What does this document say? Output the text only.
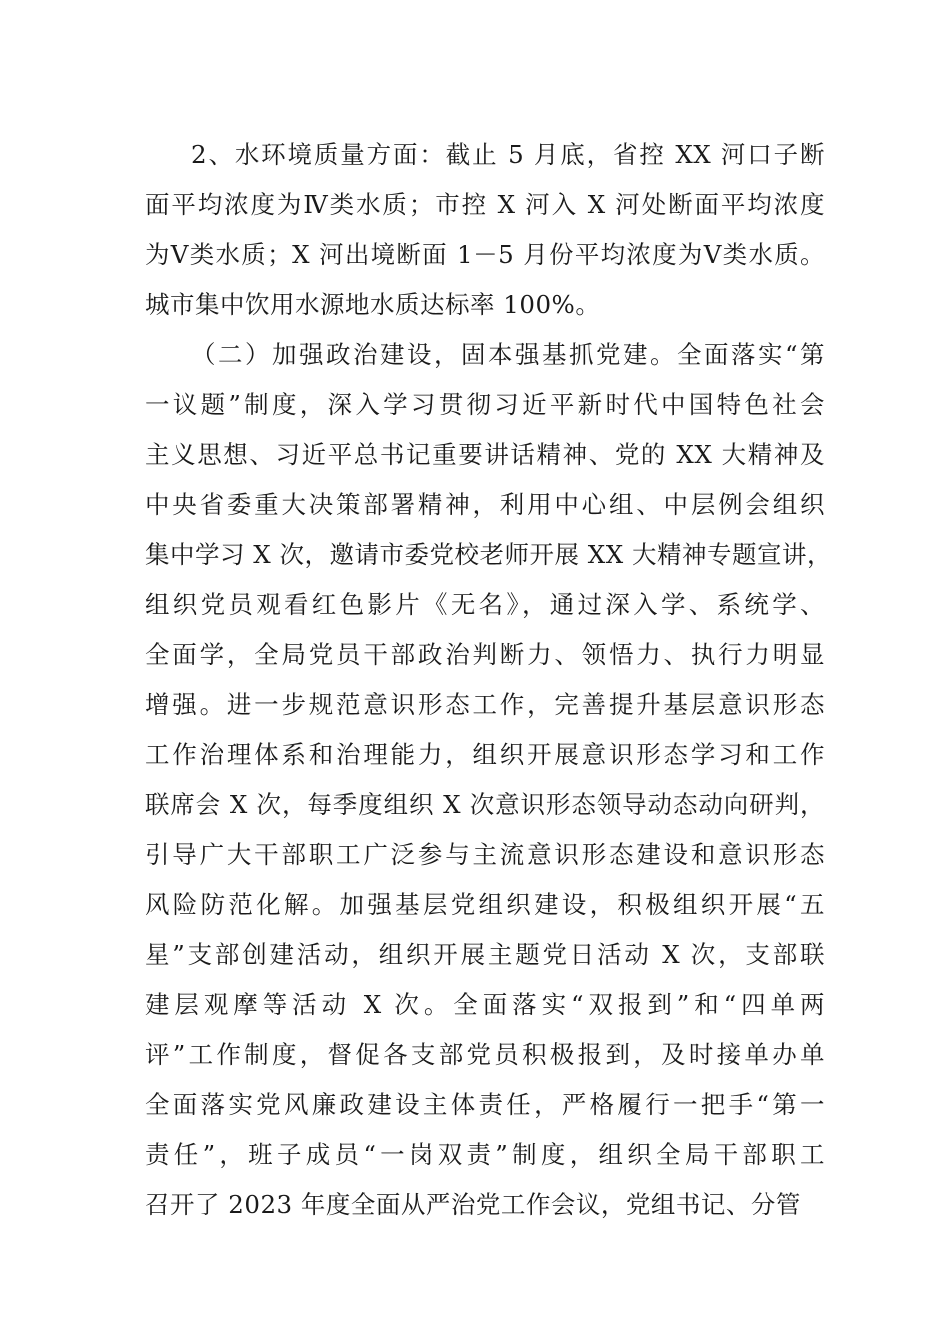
2、水环境质量方面：截止 5 月底，省控 XX 河口子断
面平均浓度为Ⅳ类水质；市控 X 河入 X 河处断面平均浓度
为Ⅴ类水质；X 河出境断面 1－5 月份平均浓度为Ⅴ类水质。
城市集中饮用水源地水质达标率 100%。
（二）加强政治建设，固本强基抓党建。全面落实“第
一议题”制度，深入学习贯彻习近平新时代中国特色社会
主义思想、习近平总书记重要讲话精神、党的 XX 大精神及
中央省委重大决策部署精神，利用中心组、中层例会组织
集中学习 X 次，邀请市委党校老师开展 XX 大精神专题宣讲，
组织党员观看红色影片《无名》，通过深入学、系统学、
全面学，全局党员干部政治判断力、领悟力、执行力明显
增强。进一步规范意识形态工作，完善提升基层意识形态
工作治理体系和治理能力，组织开展意识形态学习和工作
联席会 X 次，每季度组织 X 次意识形态领导动态动向研判，
引导广大干部职工广泛参与主流意识形态建设和意识形态
风险防范化解。加强基层党组织建设，积极组织开展“五
星”支部创建活动，组织开展主题党日活动 X 次，支部联
建层观摩等活动 X 次。全面落实“双报到”和“四单两
评”工作制度，督促各支部党员积极报到，及时接单办单
全面落实党风廉政建设主体责任，严格履行一把手“第一
责任”，班子成员“一岗双责”制度，组织全局干部职工
召开了 2023 年度全面从严治党工作会议，党组书记、分管
